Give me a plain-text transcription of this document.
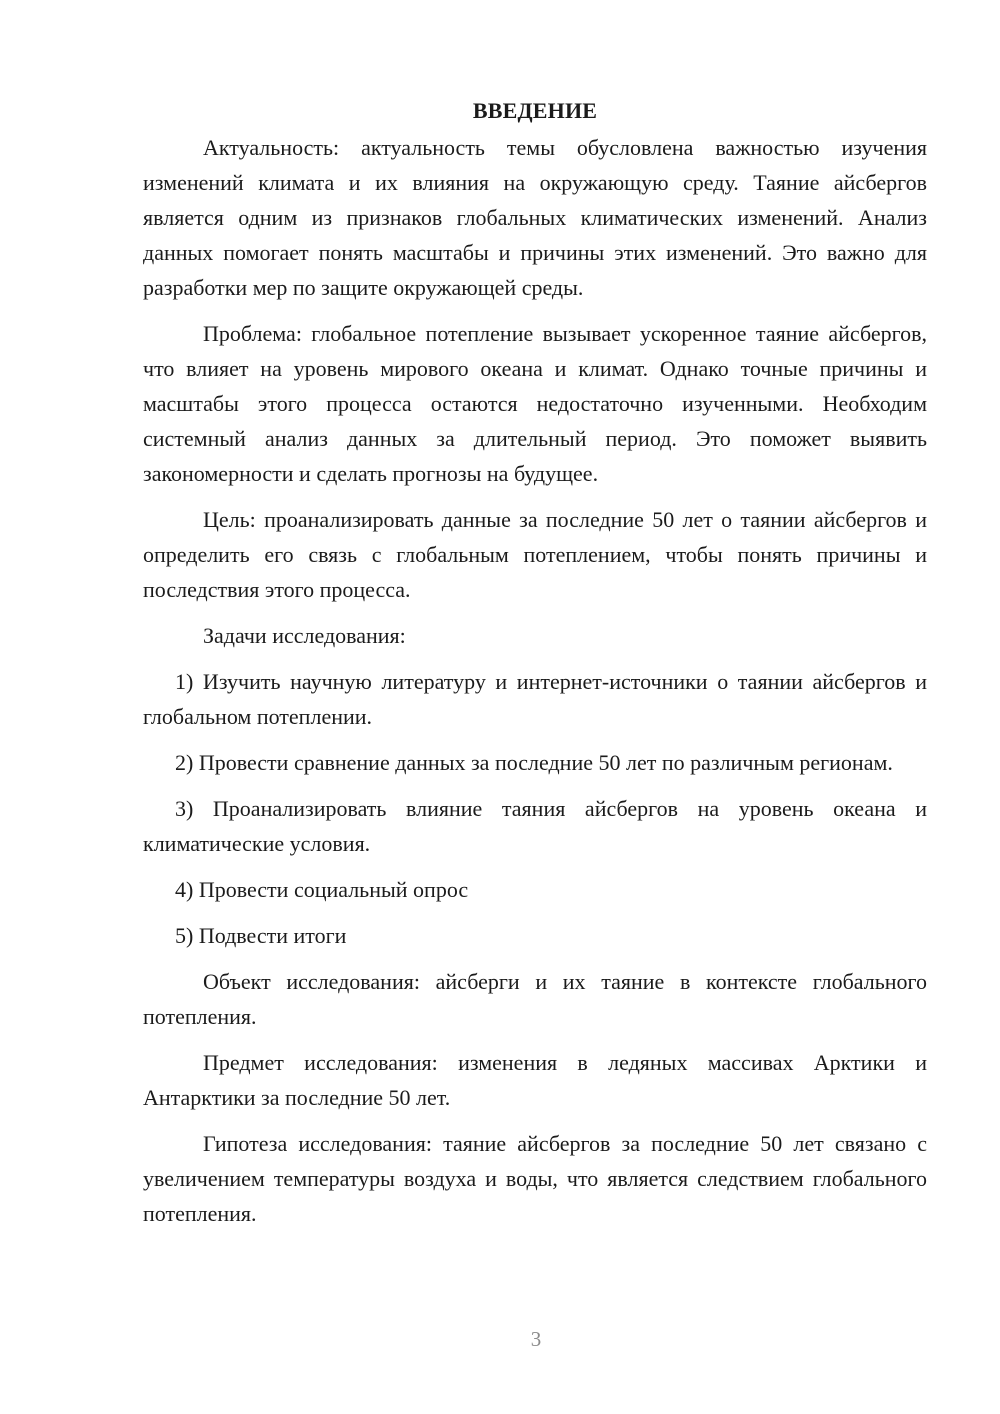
ВВЕДЕНИЕ

Актуальность: актуальность темы обусловлена важностью изучения изменений климата и их влияния на окружающую среду. Таяние айсбергов является одним из признаков глобальных климатических изменений. Анализ данных помогает понять масштабы и причины этих изменений. Это важно для разработки мер по защите окружающей среды.

Проблема: глобальное потепление вызывает ускоренное таяние айсбергов, что влияет на уровень мирового океана и климат. Однако точные причины и масштабы этого процесса остаются недостаточно изученными. Необходим системный анализ данных за длительный период. Это поможет выявить закономерности и сделать прогнозы на будущее.

Цель: проанализировать данные за последние 50 лет о таянии айсбергов и определить его связь с глобальным потеплением, чтобы понять причины и последствия этого процесса.

Задачи исследования:

1) Изучить научную литературу и интернет-источники о таянии айсбергов и глобальном потеплении.

2) Провести сравнение данных за последние 50 лет по различным регионам.

3) Проанализировать влияние таяния айсбергов на уровень океана и климатические условия.

4) Провести социальный опрос

5) Подвести итоги

Объект исследования: айсберги и их таяние в контексте глобального потепления.

Предмет исследования: изменения в ледяных массивах Арктики и Антарктики за последние 50 лет.

Гипотеза исследования: таяние айсбергов за последние 50 лет связано с увеличением температуры воздуха и воды, что является следствием глобального потепления.

3
